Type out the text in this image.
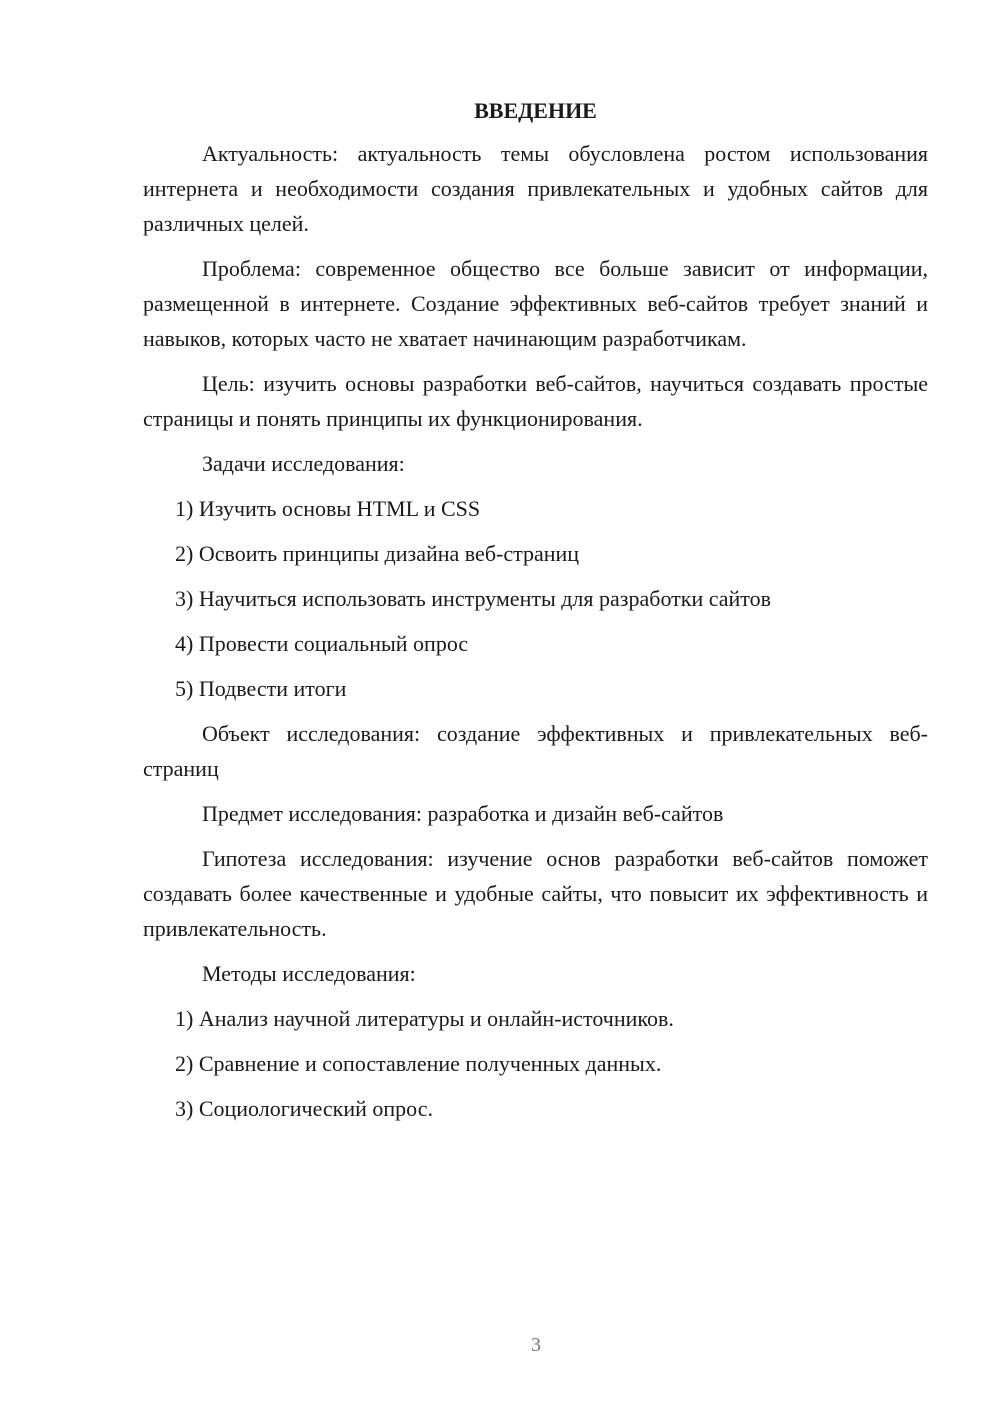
ВВЕДЕНИЕ

Актуальность: актуальность темы обусловлена ростом использования интернета и необходимости создания привлекательных и удобных сайтов для различных целей.

Проблема: современное общество все больше зависит от информации, размещенной в интернете. Создание эффективных веб-сайтов требует знаний и навыков, которых часто не хватает начинающим разработчикам.

Цель: изучить основы разработки веб-сайтов, научиться создавать простые страницы и понять принципы их функционирования.

Задачи исследования:

1) Изучить основы HTML и CSS
2) Освоить принципы дизайна веб-страниц
3) Научиться использовать инструменты для разработки сайтов
4) Провести социальный опрос
5) Подвести итоги

Объект исследования: создание эффективных и привлекательных веб-страниц

Предмет исследования: разработка и дизайн веб-сайтов

Гипотеза исследования: изучение основ разработки веб-сайтов поможет создавать более качественные и удобные сайты, что повысит их эффективность и привлекательность.

Методы исследования:

1) Анализ научной литературы и онлайн-источников.
2) Сравнение и сопоставление полученных данных.
3) Социологический опрос.
3
